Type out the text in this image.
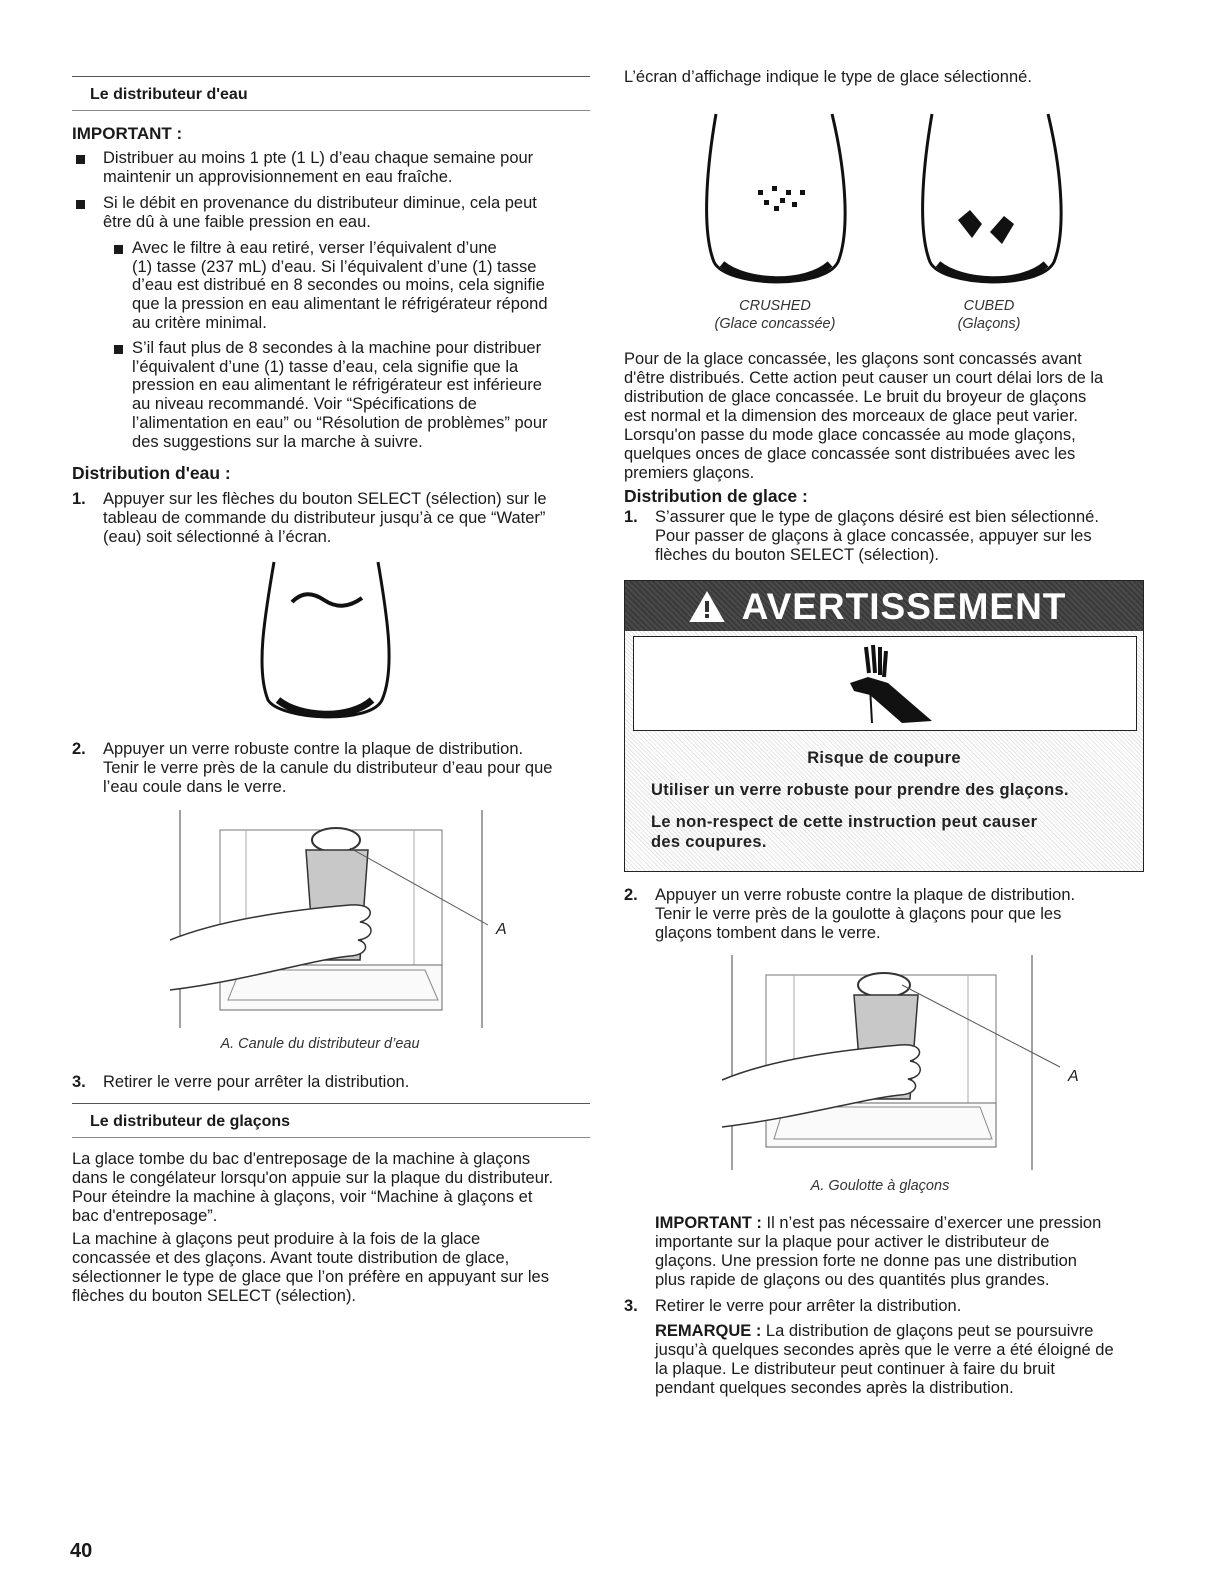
Le distributeur d'eau
IMPORTANT :
Distribuer au moins 1 pte (1 L) d’eau chaque semaine pour
maintenir un approvisionnement en eau fraîche.
Si le débit en provenance du distributeur diminue, cela peut
être dû à une faible pression en eau.
Avec le filtre à eau retiré, verser l’équivalent d’une
(1) tasse (237 mL) d’eau. Si l’équivalent d’une (1) tasse
d’eau est distribué en 8 secondes ou moins, cela signifie
que la pression en eau alimentant le réfrigérateur répond
au critère minimal.
S’il faut plus de 8 secondes à la machine pour distribuer
l’équivalent d’une (1) tasse d’eau, cela signifie que la
pression en eau alimentant le réfrigérateur est inférieure
au niveau recommandé. Voir “Spécifications de
l’alimentation en eau” ou “Résolution de problèmes” pour
des suggestions sur la marche à suivre.
Distribution d'eau :
1. Appuyer sur les flèches du bouton SELECT (sélection) sur le
tableau de commande du distributeur jusqu’à ce que “Water”
(eau) soit sélectionné à l’écran.
2. Appuyer un verre robuste contre la plaque de distribution.
Tenir le verre près de la canule du distributeur d’eau pour que
l’eau coule dans le verre.
A
A. Canule du distributeur d’eau
3. Retirer le verre pour arrêter la distribution.
Le distributeur de glaçons
La glace tombe du bac d'entreposage de la machine à glaçons
dans le congélateur lorsqu'on appuie sur la plaque du distributeur.
Pour éteindre la machine à glaçons, voir “Machine à glaçons et
bac d'entreposage”.
La machine à glaçons peut produire à la fois de la glace
concassée et des glaçons. Avant toute distribution de glace,
sélectionner le type de glace que l’on préfère en appuyant sur les
flèches du bouton SELECT (sélection).
L’écran d’affichage indique le type de glace sélectionné.
CRUSHED
(Glace concassée)
CUBED
(Glaçons)
Pour de la glace concassée, les glaçons sont concassés avant
d'être distribués. Cette action peut causer un court délai lors de la
distribution de glace concassée. Le bruit du broyeur de glaçons
est normal et la dimension des morceaux de glace peut varier.
Lorsqu'on passe du mode glace concassée au mode glaçons,
quelques onces de glace concassée sont distribuées avec les
premiers glaçons.
Distribution de glace :
1. S’assurer que le type de glaçons désiré est bien sélectionné.
Pour passer de glaçons à glace concassée, appuyer sur les
flèches du bouton SELECT (sélection).
AVERTISSEMENT
Risque de coupure
Utiliser un verre robuste pour prendre des glaçons.
Le non-respect de cette instruction peut causer
des coupures.
2. Appuyer un verre robuste contre la plaque de distribution.
Tenir le verre près de la goulotte à glaçons pour que les
glaçons tombent dans le verre.
A
A. Goulotte à glaçons
IMPORTANT : Il n’est pas nécessaire d’exercer une pression
importante sur la plaque pour activer le distributeur de
glaçons. Une pression forte ne donne pas une distribution
plus rapide de glaçons ou des quantités plus grandes.
3. Retirer le verre pour arrêter la distribution.
REMARQUE : La distribution de glaçons peut se poursuivre
jusqu’à quelques secondes après que le verre a été éloigné de
la plaque. Le distributeur peut continuer à faire du bruit
pendant quelques secondes après la distribution.
40
